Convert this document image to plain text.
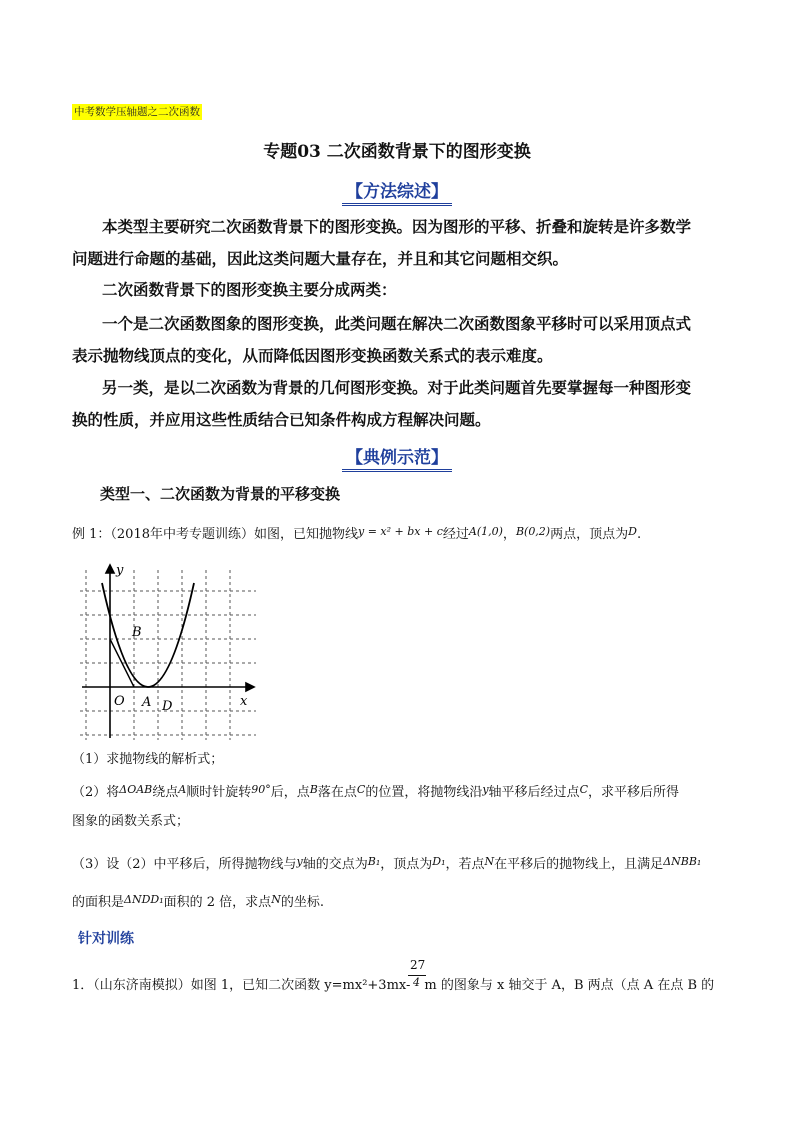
中考数学压轴题之二次函数
专题03 二次函数背景下的图形变换
【方法综述】
本类型主要研究二次函数背景下的图形变换。因为图形的平移、折叠和旋转是许多数学
问题进行命题的基础，因此这类问题大量存在，并且和其它问题相交织。
二次函数背景下的图形变换主要分成两类：
一个是二次函数图象的图形变换，此类问题在解决二次函数图象平移时可以采用顶点式
表示抛物线顶点的变化，从而降低因图形变换函数关系式的表示难度。
另一类，是以二次函数为背景的几何图形变换。对于此类问题首先要掌握每一种图形变
换的性质，并应用这些性质结合已知条件构成方程解决问题。
【典例示范】
类型一、二次函数为背景的平移变换
例 1：（2018年中考专题训练）如图，已知抛物线$^{y = x^2 + bx + c}$经过$^{A(1,0)}$，$^{B(0,2)}$两点，顶点为$^D$.
y
x
O A
B
D
（1）求抛物线的解析式；
（2）将$^{\Delta OAB}$绕点$^A$顺时针旋转$^{90^\circ}$后，点$^B$落在点$^C$的位置，将抛物线沿$^y$轴平移后经过点$^C$，求平移后所得
图象的函数关系式；
（3）设（2）中平移后，所得抛物线与$^y$轴的交点为$^{B_1}$，顶点为$^{D_1}$，若点$^N$在平移后的抛物线上，且满足$^{\Delta NBB_1}$
的面积是$^{\Delta NDD_1}$面积的 2 倍，求点$^N$的坐标.
针对训练
27
4
1．（山东济南模拟）如图 1，已知二次函数 y=mx²+3mx- m 的图象与 x 轴交于 A，B 两点（点 A 在点 B 的
